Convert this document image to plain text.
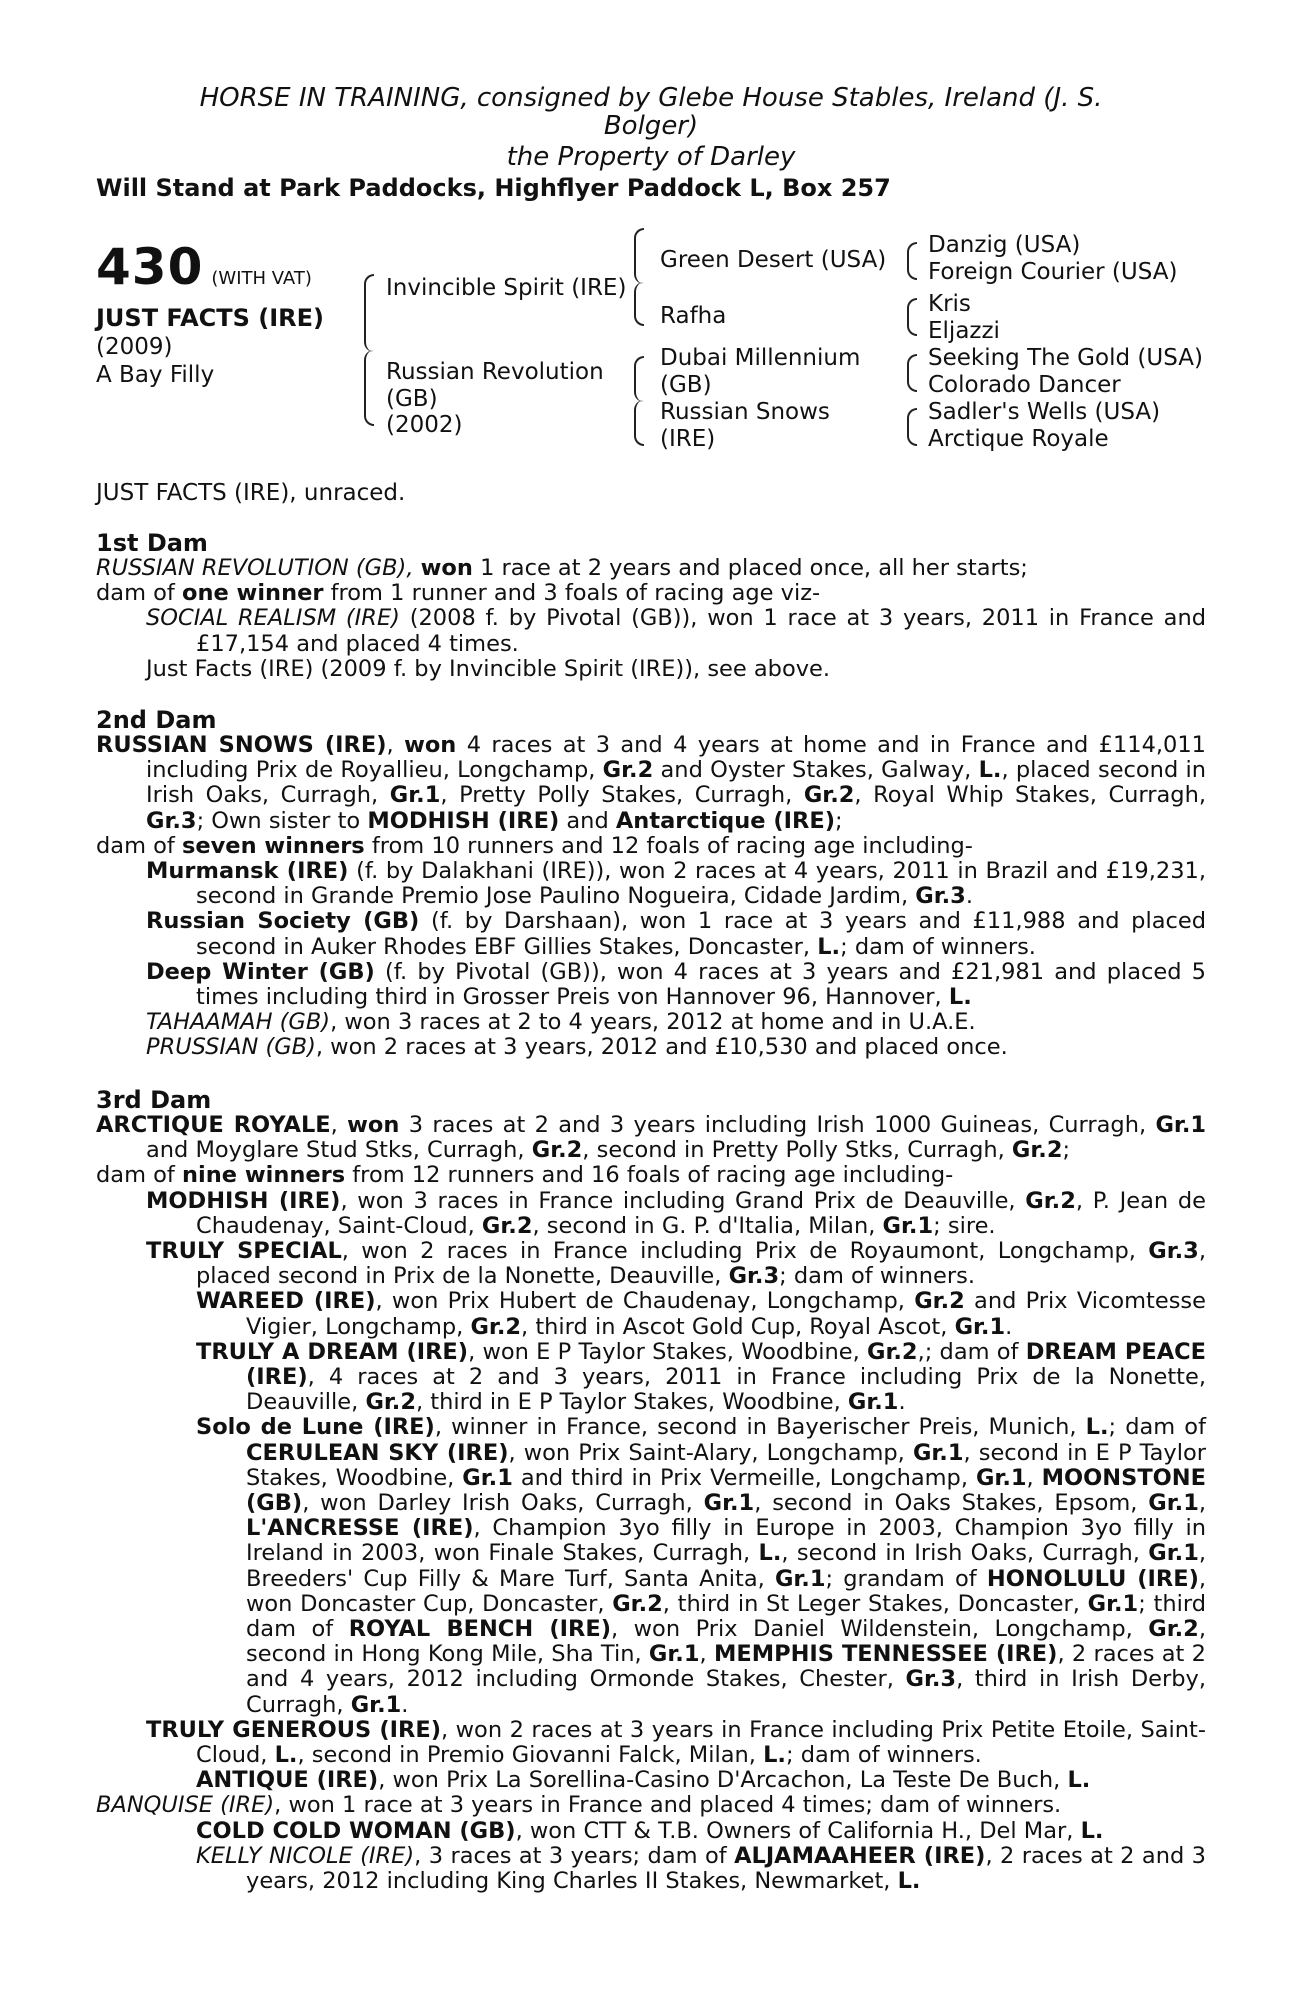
HORSE IN TRAINING, consigned by Glebe House Stables, Ireland (J. S.
Bolger)
the Property of Darley
Will Stand at Park Paddocks, Highflyer Paddock L, Box 257
430 (WITH VAT)
JUST FACTS (IRE)
(2009)
A Bay Filly
Invincible Spirit (IRE)
Russian Revolution
(GB)
(2002)
Green Desert (USA)
Rafha
Dubai Millennium
(GB)
Russian Snows
(IRE)
Danzig (USA)
Foreign Courier (USA)
Kris
Eljazzi
Seeking The Gold (USA)
Colorado Dancer
Sadler's Wells (USA)
Arctique Royale
JUST FACTS (IRE), unraced.
1st Dam

RUSSIAN REVOLUTION (GB), won 1 race at 2 years and placed once, all her starts;

dam of one winner from 1 runner and 3 foals of racing age viz-

SOCIAL REALISM (IRE) (2008 f. by Pivotal (GB)), won 1 race at 3 years, 2011 in France and £17,154 and placed 4 times.

Just Facts (IRE) (2009 f. by Invincible Spirit (IRE)), see above.

2nd Dam

RUSSIAN SNOWS (IRE), won 4 races at 3 and 4 years at home and in France and £114,011 including Prix de Royallieu, Longchamp, Gr.2 and Oyster Stakes, Galway, L., placed second in Irish Oaks, Curragh, Gr.1, Pretty Polly Stakes, Curragh, Gr.2, Royal Whip Stakes, Curragh, Gr.3; Own sister to MODHISH (IRE) and Antarctique (IRE);

dam of seven winners from 10 runners and 12 foals of racing age including-

Murmansk (IRE) (f. by Dalakhani (IRE)), won 2 races at 4 years, 2011 in Brazil and £19,231, second in Grande Premio Jose Paulino Nogueira, Cidade Jardim, Gr.3.

Russian Society (GB) (f. by Darshaan), won 1 race at 3 years and £11,988 and placed second in Auker Rhodes EBF Gillies Stakes, Doncaster, L.; dam of winners.

Deep Winter (GB) (f. by Pivotal (GB)), won 4 races at 3 years and £21,981 and placed 5 times including third in Grosser Preis von Hannover 96, Hannover, L.

TAHAAMAH (GB), won 3 races at 2 to 4 years, 2012 at home and in U.A.E.

PRUSSIAN (GB), won 2 races at 3 years, 2012 and £10,530 and placed once.

3rd Dam

ARCTIQUE ROYALE, won 3 races at 2 and 3 years including Irish 1000 Guineas, Curragh, Gr.1 and Moyglare Stud Stks, Curragh, Gr.2, second in Pretty Polly Stks, Curragh, Gr.2;

dam of nine winners from 12 runners and 16 foals of racing age including-

MODHISH (IRE), won 3 races in France including Grand Prix de Deauville, Gr.2, P. Jean de Chaudenay, Saint-Cloud, Gr.2, second in G. P. d'Italia, Milan, Gr.1; sire.

TRULY SPECIAL, won 2 races in France including Prix de Royaumont, Longchamp, Gr.3, placed second in Prix de la Nonette, Deauville, Gr.3; dam of winners.

WAREED (IRE), won Prix Hubert de Chaudenay, Longchamp, Gr.2 and Prix Vicomtesse Vigier, Longchamp, Gr.2, third in Ascot Gold Cup, Royal Ascot, Gr.1.

TRULY A DREAM (IRE), won E P Taylor Stakes, Woodbine, Gr.2,; dam of DREAM PEACE (IRE), 4 races at 2 and 3 years, 2011 in France including Prix de la Nonette, Deauville, Gr.2, third in E P Taylor Stakes, Woodbine, Gr.1.

Solo de Lune (IRE), winner in France, second in Bayerischer Preis, Munich, L.; dam of CERULEAN SKY (IRE), won Prix Saint-Alary, Longchamp, Gr.1, second in E P Taylor Stakes, Woodbine, Gr.1 and third in Prix Vermeille, Longchamp, Gr.1, MOONSTONE (GB), won Darley Irish Oaks, Curragh, Gr.1, second in Oaks Stakes, Epsom, Gr.1, L'ANCRESSE (IRE), Champion 3yo filly in Europe in 2003, Champion 3yo filly in Ireland in 2003, won Finale Stakes, Curragh, L., second in Irish Oaks, Curragh, Gr.1, Breeders' Cup Filly & Mare Turf, Santa Anita, Gr.1; grandam of HONOLULU (IRE), won Doncaster Cup, Doncaster, Gr.2, third in St Leger Stakes, Doncaster, Gr.1; third dam of ROYAL BENCH (IRE), won Prix Daniel Wildenstein, Longchamp, Gr.2, second in Hong Kong Mile, Sha Tin, Gr.1, MEMPHIS TENNESSEE (IRE), 2 races at 2 and 4 years, 2012 including Ormonde Stakes, Chester, Gr.3, third in Irish Derby, Curragh, Gr.1.

TRULY GENEROUS (IRE), won 2 races at 3 years in France including Prix Petite Etoile, Saint-Cloud, L., second in Premio Giovanni Falck, Milan, L.; dam of winners.

ANTIQUE (IRE), won Prix La Sorellina-Casino D'Arcachon, La Teste De Buch, L.

BANQUISE (IRE), won 1 race at 3 years in France and placed 4 times; dam of winners.

COLD COLD WOMAN (GB), won CTT & T.B. Owners of California H., Del Mar, L.

KELLY NICOLE (IRE), 3 races at 3 years; dam of ALJAMAAHEER (IRE), 2 races at 2 and 3 years, 2012 including King Charles II Stakes, Newmarket, L.
